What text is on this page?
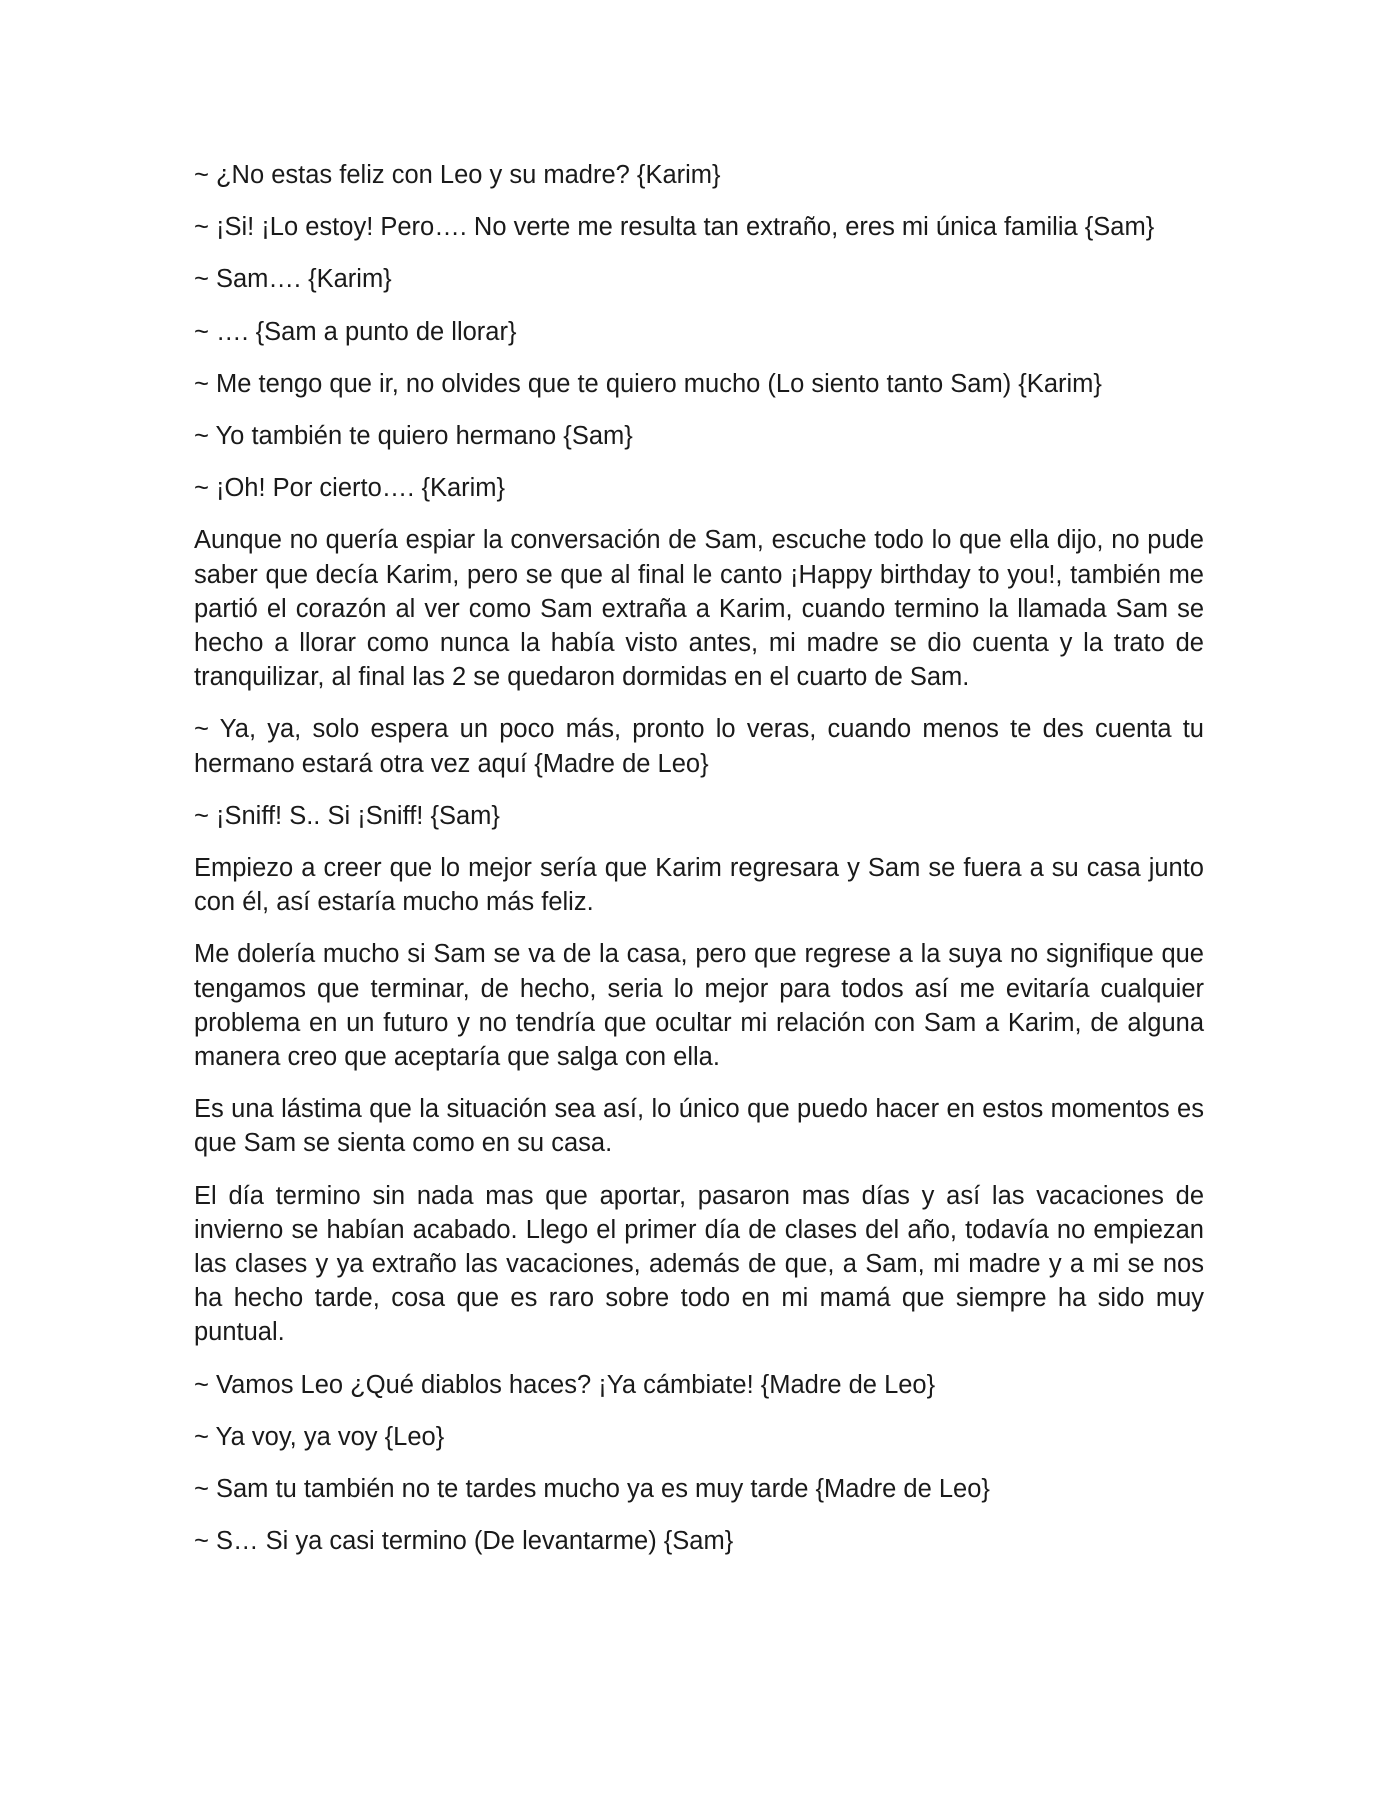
~ ¿No estas feliz con Leo y su madre? {Karim}

~ ¡Si! ¡Lo estoy! Pero…. No verte me resulta tan extraño, eres mi única familia {Sam}

~ Sam…. {Karim}

~ …. {Sam a punto de llorar}

~ Me tengo que ir, no olvides que te quiero mucho (Lo siento tanto Sam) {Karim}

~ Yo también te quiero hermano {Sam}

~ ¡Oh! Por cierto…. {Karim}

Aunque no quería espiar la conversación de Sam, escuche todo lo que ella dijo, no pude saber que decía Karim, pero se que al final le canto ¡Happy birthday to you!, también me partió el corazón al ver como Sam extraña a Karim, cuando termino la llamada Sam se hecho a llorar como nunca la había visto antes, mi madre se dio cuenta y la trato de tranquilizar, al final las 2 se quedaron dormidas en el cuarto de Sam.

~ Ya, ya, solo espera un poco más, pronto lo veras, cuando menos te des cuenta tu hermano estará otra vez aquí {Madre de Leo}

~ ¡Sniff! S.. Si ¡Sniff! {Sam}

Empiezo a creer que lo mejor sería que Karim regresara y Sam se fuera a su casa junto con él, así estaría mucho más feliz.

Me dolería mucho si Sam se va de la casa, pero que regrese a la suya no signifique que tengamos que terminar, de hecho, seria lo mejor para todos así me evitaría cualquier problema en un futuro y no tendría que ocultar mi relación con Sam a Karim, de alguna manera creo que aceptaría que salga con ella.

Es una lástima que la situación sea así, lo único que puedo hacer en estos momentos es que Sam se sienta como en su casa.

El día termino sin nada mas que aportar, pasaron mas días y así las vacaciones de invierno se habían acabado. Llego el primer día de clases del año, todavía no empiezan las clases y ya extraño las vacaciones, además de que, a Sam, mi madre y a mi se nos ha hecho tarde, cosa que es raro sobre todo en mi mamá que siempre ha sido muy puntual.

~ Vamos Leo ¿Qué diablos haces? ¡Ya cámbiate! {Madre de Leo}

~ Ya voy, ya voy {Leo}

~ Sam tu también no te tardes mucho ya es muy tarde {Madre de Leo}

~ S… Si ya casi termino (De levantarme) {Sam}
